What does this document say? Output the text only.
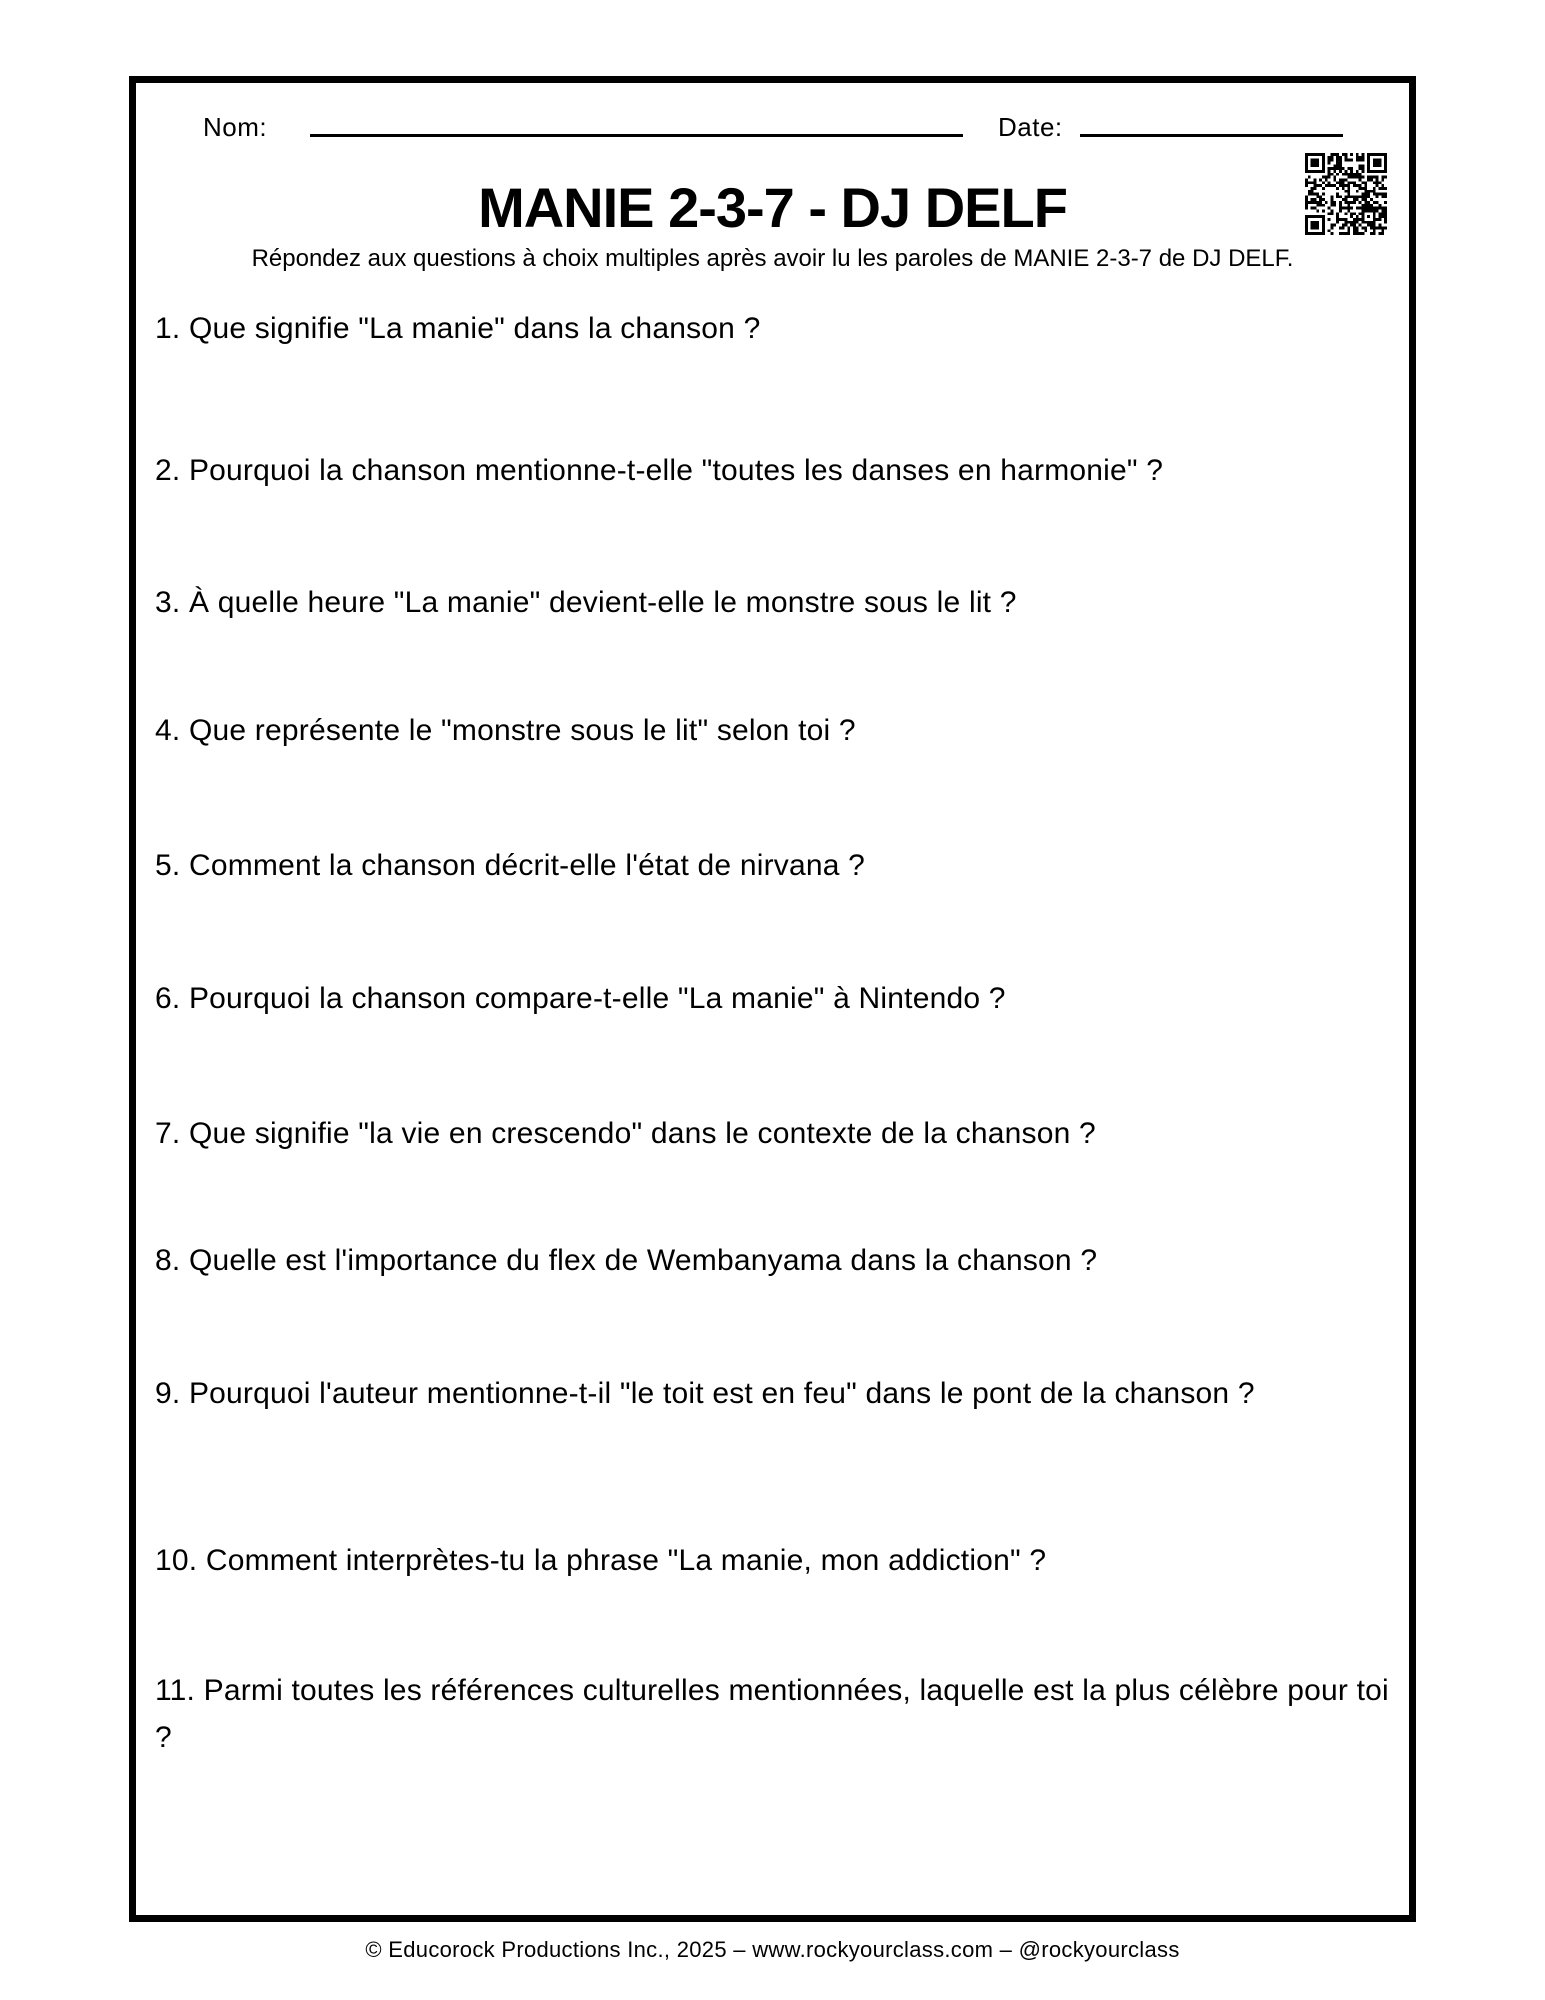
Nom:	Date:
MANIE 2-3-7 - DJ DELF

Répondez aux questions à choix multiples après avoir lu les paroles de MANIE 2-3-7 de DJ DELF.

1. Que signifie "La manie" dans la chanson ?
2. Pourquoi la chanson mentionne-t-elle "toutes les danses en harmonie" ?
3. À quelle heure "La manie" devient-elle le monstre sous le lit ?
4. Que représente le "monstre sous le lit" selon toi ?
5. Comment la chanson décrit-elle l'état de nirvana ?
6. Pourquoi la chanson compare-t-elle "La manie" à Nintendo ?
7. Que signifie "la vie en crescendo" dans le contexte de la chanson ?
8. Quelle est l'importance du flex de Wembanyama dans la chanson ?
9. Pourquoi l'auteur mentionne-t-il "le toit est en feu" dans le pont de la chanson ?
10. Comment interprètes-tu la phrase "La manie, mon addiction" ?
11. Parmi toutes les références culturelles mentionnées, laquelle est la plus célèbre pour toi ?
© Educorock Productions Inc., 2025 – www.rockyourclass.com – @rockyourclass
